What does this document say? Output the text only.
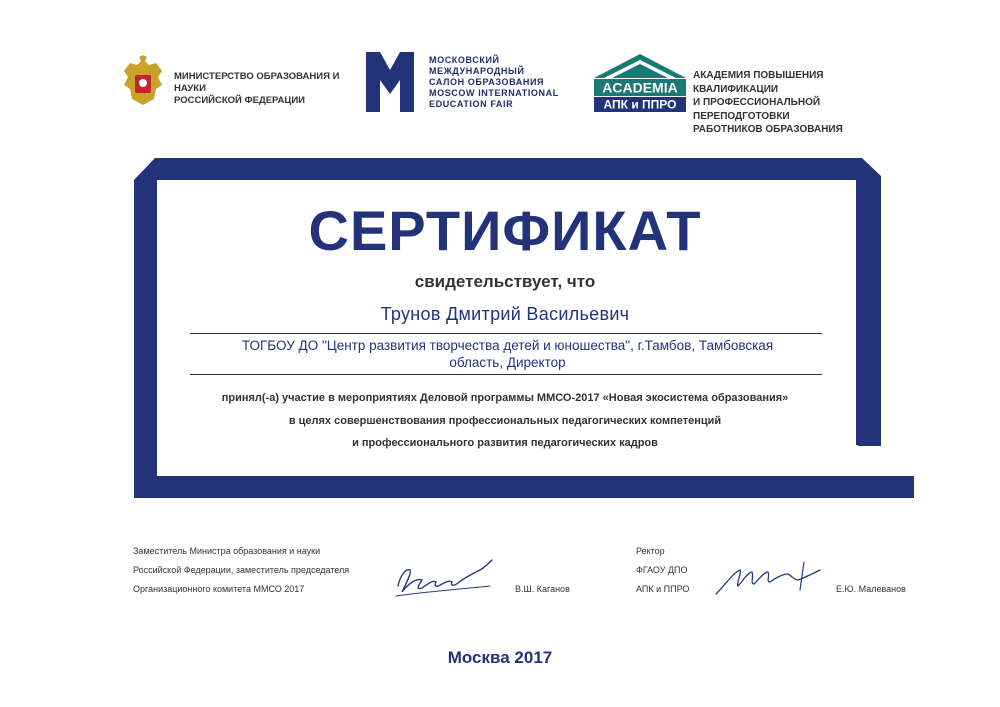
МИНИСТЕРСТВО ОБРАЗОВАНИЯ И НАУКИ
РОССИЙСКОЙ ФЕДЕРАЦИИ
МОСКОВСКИЙ
МЕЖДУНАРОДНЫЙ
САЛОН ОБРАЗОВАНИЯ
MOSCOW INTERNATIONAL
EDUCATION FAIR
ACADEMIA
АПК и ППРО
АКАДЕМИЯ ПОВЫШЕНИЯ КВАЛИФИКАЦИИ
И ПРОФЕССИОНАЛЬНОЙ ПЕРЕПОДГОТОВКИ
РАБОТНИКОВ ОБРАЗОВАНИЯ
СЕРТИФИКАТ
свидетельствует, что
Трунов Дмитрий Васильевич
ТОГБОУ ДО "Центр развития творчества детей и юношества", г.Тамбов, Тамбовская область, Директор
принял(-а) участие в мероприятиях Деловой программы ММСО-2017 «Новая экосистема образования»
в целях совершенствования профессиональных педагогических компетенций
и профессионального развития педагогических кадров
Заместитель Министра образования и науки
Российской Федерации, заместитель председателя
Организационного комитета ММСО 2017	В.Ш. Каганов
Ректор
ФГАОУ ДПО
АПК и ППРО	Е.Ю. Малеванов
Москва 2017
